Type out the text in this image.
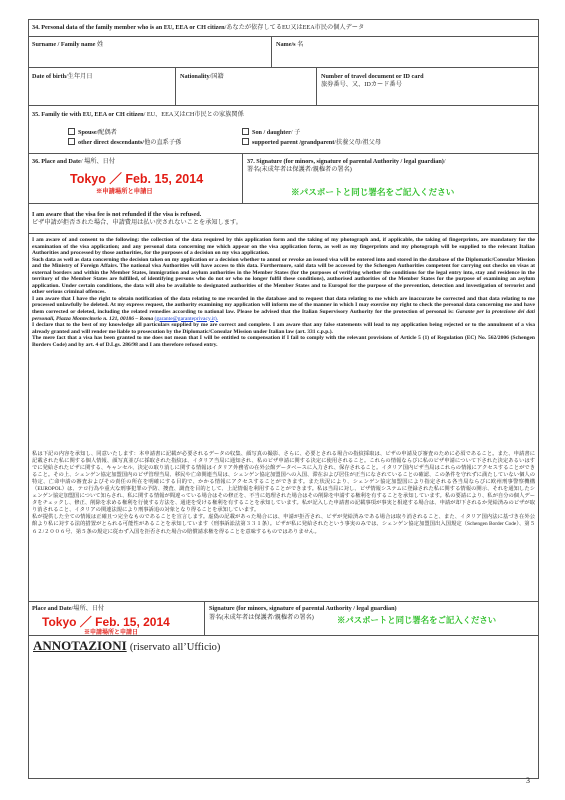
34. Personal data of the family member who is an EU, EEA or CH citizen/あなたが依存してるEU又はEEA市民の個人データ
Surname / Family name 姓	Name/s 名
Date of birth/生年月日	Nationality/国籍	Number of travel document or ID card
旅券番号、又、IDカード番号
35. Family tie with EU, EEA or CH citizen/ EU、EEA又はCH市民との家族関係
Spouse/配偶者
other direct descendants/他の直系子孫
Son / daughter/ 子
supported parent /grandparent/扶養父母/祖父母
36. Place and Date/ 場所、日付
Tokyo ／ Feb. 15, 2014
※申請場所と申請日
37. Signature (for minors, signature of parental Authority / legal guardian)/ 署名(未成年者は保護者/親権者の署名)
※パスポートと同じ署名をご記入ください
I am aware that the visa fee is not refunded if the visa is refused.
ビザ申請が拒否された場合、申請費用は払い戻されないことを承知します。

I am aware of and consent to the following: the collection of the data required by this application form and the taking of my photograph and, if applicable, the taking of fingerprints, are mandatory for the examination of the visa application; and any personal data concerning me which appear on the visa application form, as well as my fingerprints and my photograph will be supplied to the relevant Italian Authorities and processed by those authorities, for the purposes of a decision on my visa application.

Such data as well as data concerning the decision taken on my application or a decision whether to annul or revoke an issued visa will be entered into and stored in the database of the Diplomatic/Consular Mission and the Ministry of Foreign Affairs. The national visa Authorities will have access to this data. Furthermore, said data will be accessed by the Schengen Authorities competent for carrying out checks on visas at external borders and within the Member States, immigration and asylum authorities in the Member States (for the purposes of verifying whether the conditions for the legal entry into, stay and residence in the territory of the Member States are fulfilled, of identifying persons who do not or who no longer fulfil these conditions), authorised authorities of the Member States for the purpose of examining an asylum application. Under certain conditions, the data will also be available to designated authorities of the Member States and to Europol for the purpose of the prevention, detection and investigation of terrorist and other serious criminal offences.

I am aware that I have the right to obtain notification of the data relating to me recorded in the database and to request that data relating to me which are inaccurate be corrected and that data relating to me processed unlawfully be deleted. At my express request, the authority examining my application will inform me of the manner in which I may exercise my right to check the personal data concerning me and have them corrected or deleted, including the related remedies according to national law. Please be advised that the Italian Supervisory Authority for the protection of personal is: Garante per la protezione dei dati personali, Piazza Montecitorio n. 121, 00186 – Roma (garante@garanteprivacy.it).

I declare that to the best of my knowledge all particulars supplied by me are correct and complete. I am aware that any false statements will lead to my application being rejected or to the annulment of a visa already granted and will render me liable to prosecution by the Diplomatic/Consular Mission under Italian law (art. 331 c.p.p.).

The mere fact that a visa has been granted to me does not mean that I will be entitled to compensation if I fail to comply with the relevant provisions of Article 5 (1) of Regulation (EC) No. 562/2006 (Schengen Borders Code) and by art. 4 of D.Lgs. 286/98 and I am therefore refused entry.

私は下記の内容を承知し、同意いたします：本申請書に記載が必要されるデータの収集、顔写真の撮影、さらに、必要とされる場合の指紋採取は、ビザの申請及び審査のために必須であること。また、申請書に記載された私に関する個人情報、顔写真並びに採取された指紋は、イタリア当局に通知され、私のビザ申請に関する決定に使用されること。これらの情報ならびに私のビザ申請について下された決定あるいはすでに発給されたビザに関する、キャンセル、決定の取り消しに関する情報はイタリア外務省の在外公館データベースに入力され、保存されること。イタリア国内ビザ当局はこれらの情報にアクセスすることができること。その上、シェンゲン協定加盟国内のビザ管理当局、移民や亡命関連当局は、シェンゲン協定加盟国への入国、滞在および居住が正当になされていることの確認、この条件を守れずに満たしていない個人の特定、亡命申請の審査およびその責任の所在を明確にする目的で、かかる情報にアクセスすることができます。また状況により、シェンゲン協定加盟国により指定される各当局ならびに欧州刑事警察機構（EUROPOL）は、テロ行為や重大な刑事犯罪の予防、捜査、調査を目的として、上記情報を利用することができます。私は当局に対し、ビザ情報システムに登録された私に関する情報の開示、それを通知したシェンゲン協定加盟国について知らされ、私に関する情報が間違っている場合はその修正を、不当に処理された場合はその削除を申請する権利を有することを承知しています。私の要請により、私が自分の個人データをチェックし、修正、削除を求める権利を行使する方法を、通達を受ける権利を有することを承知しています。私が記入した申請書の記載事項が事実と相違する場合は、申請が却下されるか発給済みのビザが取り消されること、イタリアの関連法規により刑事訴追の対象となり得ることを承知しています。

私が提供した全ての情報は正確且つ完全なものであることを宣言します。虚偽の記載があった場合には、申請が拒否され、ビザが発給済みである場合は取り消されること、また、イタリア国内法に基づき在外公館より私に対する法的措置がとられる可能性があることを承知しています（刑事訴訟法第３３１条）。ビザが私に発給されたという事実のみでは、シェンゲン協定加盟国出入国規定（Schengen Border Code）、第５６２/２００６号、第５条の規定に従わず入国を拒否された場合の賠償請求権を得ることを意味するものではありません。

Place and Date/場所、日付
Tokyo ／ Feb. 15, 2014
※申請場所と申請日
Signature (for minors, signature of parental Authority / legal guardian)
署名(未成年者は保護者/親権者の署名)	※パスポートと同じ署名をご記入ください
ANNOTAZIONI (riservato all’Ufficio)
3
